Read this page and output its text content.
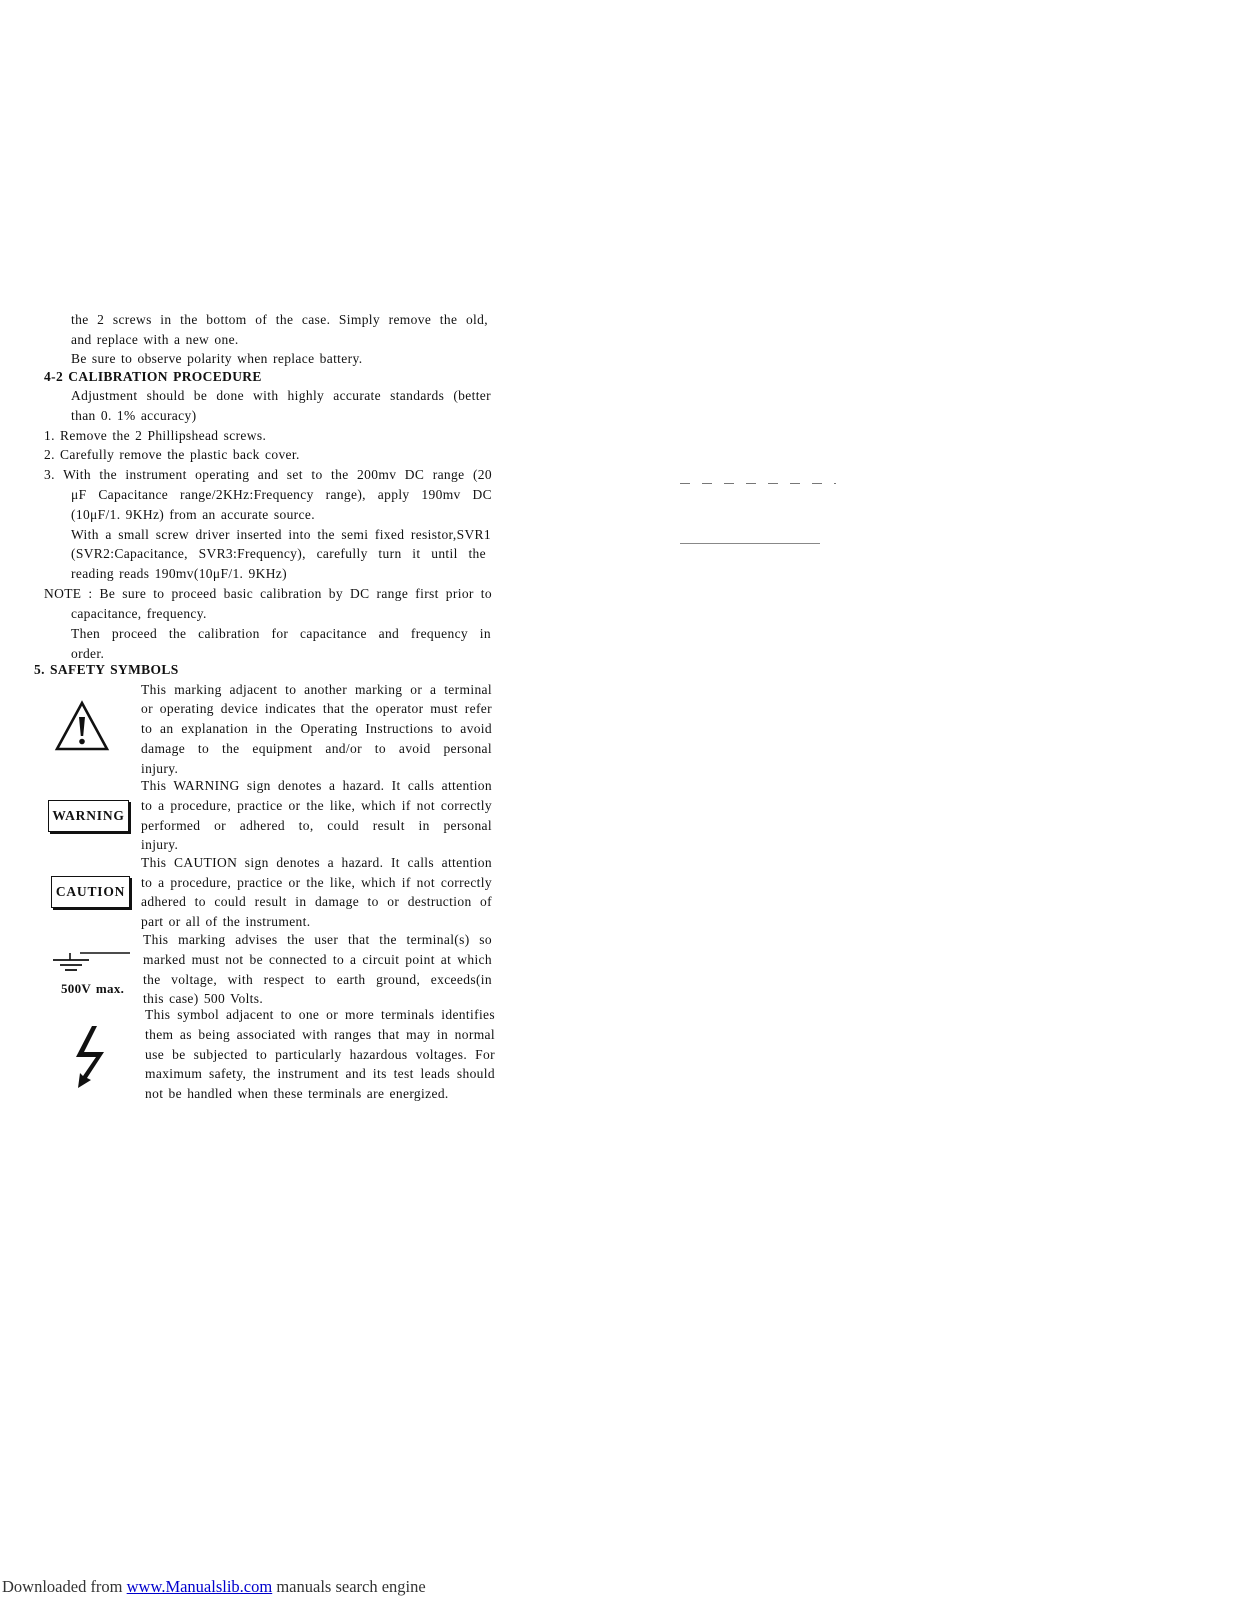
the 2 screws in the bottom of the case. Simply remove the old,
and replace with a new one.
Be sure to observe polarity when replace battery.
4-2 CALIBRATION PROCEDURE
Adjustment should be done with highly accurate standards (better
than 0. 1% accuracy)
1. Remove the 2 Phillipshead screws.
2. Carefully remove the plastic back cover.
3. With the instrument operating and set to the 200mv DC range (20
μF Capacitance range/2KHz:Frequency range), apply 190mv DC
(10μF/1. 9KHz) from an accurate source.
With a small screw driver inserted into the semi fixed resistor,SVR1
(SVR2:Capacitance, SVR3:Frequency), carefully turn it until the
reading reads 190mv(10μF/1. 9KHz)
NOTE : Be sure to proceed basic calibration by DC range first prior to
capacitance, frequency.
Then proceed the calibration for capacitance and frequency in
order.
5. SAFETY SYMBOLS
This marking adjacent to another marking or a terminal
or operating device indicates that the operator must refer
to an explanation in the Operating Instructions to avoid
damage to the equipment and/or to avoid personal
injury.
WARNING
This WARNING sign denotes a hazard. It calls attention
to a procedure, practice or the like, which if not correctly
performed or adhered to, could result in personal
injury.
CAUTION
This CAUTION sign denotes a hazard. It calls attention
to a procedure, practice or the like, which if not correctly
adhered to could result in damage to or destruction of
part or all of the instrument.
500V max.
This marking advises the user that the terminal(s) so
marked must not be connected to a circuit point at which
the voltage, with respect to earth ground, exceeds(in
this case) 500 Volts.
This symbol adjacent to one or more terminals identifies
them as being associated with ranges that may in normal
use be subjected to particularly hazardous voltages. For
maximum safety, the instrument and its test leads should
not be handled when these terminals are energized.
Downloaded from www.Manualslib.com manuals search engine
